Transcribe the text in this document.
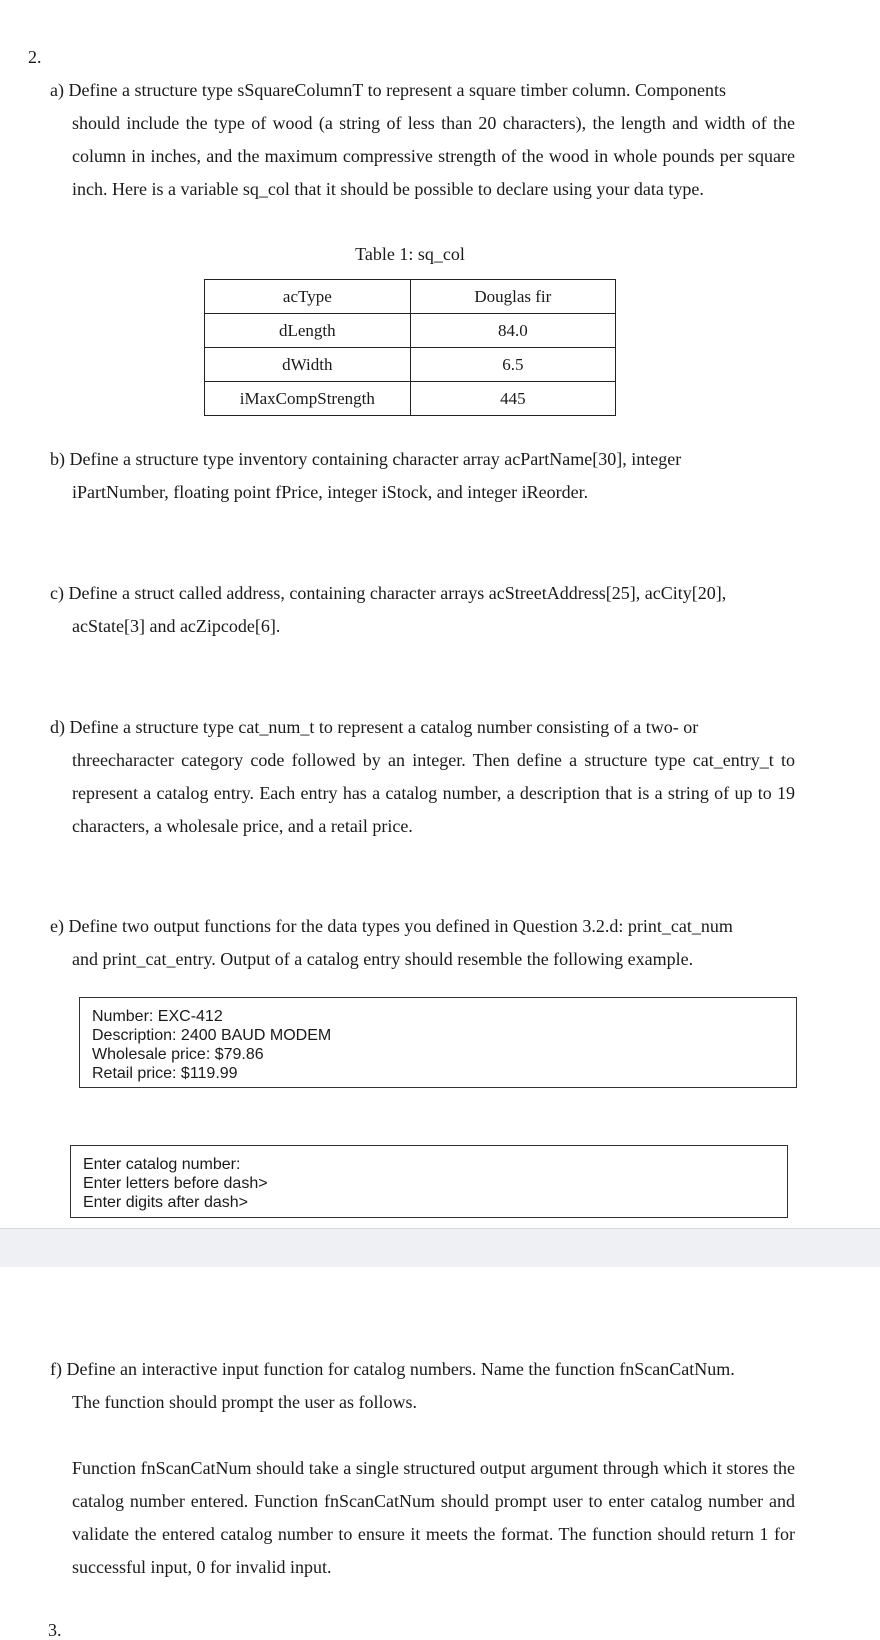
2.
a) Define a structure type sSquareColumnT to represent a square timber column. Components
should include the type of wood (a string of less than 20 characters), the length and width of the column in inches, and the maximum compressive strength of the wood in whole pounds per square inch. Here is a variable sq_col that it should be possible to declare using your data type.
Table 1: sq_col
acType	Douglas fir
dLength	84.0
dWidth	6.5
iMaxCompStrength	445
b) Define a structure type inventory containing character array acPartName[30], integer
iPartNumber, floating point fPrice, integer iStock, and integer iReorder.
c) Define a struct called address, containing character arrays acStreetAddress[25], acCity[20],
acState[3] and acZipcode[6].
d) Define a structure type cat_num_t to represent a catalog number consisting of a two- or
threecharacter category code followed by an integer. Then define a structure type cat_entry_t to represent a catalog entry. Each entry has a catalog number, a description that is a string of up to 19 characters, a wholesale price, and a retail price.
e) Define two output functions for the data types you defined in Question 3.2.d: print_cat_num
and print_cat_entry. Output of a catalog entry should resemble the following example.
Number: EXC-412
Description: 2400 BAUD MODEM
Wholesale price: $79.86
Retail price: $119.99
Enter catalog number:
Enter letters before dash>
Enter digits after dash>
f) Define an interactive input function for catalog numbers. Name the function fnScanCatNum.
The function should prompt the user as follows.
Function fnScanCatNum should take a single structured output argument through which it stores the catalog number entered. Function fnScanCatNum should prompt user to enter catalog number and validate the entered catalog number to ensure it meets the format. The function should return 1 for successful input, 0 for invalid input.
3.
